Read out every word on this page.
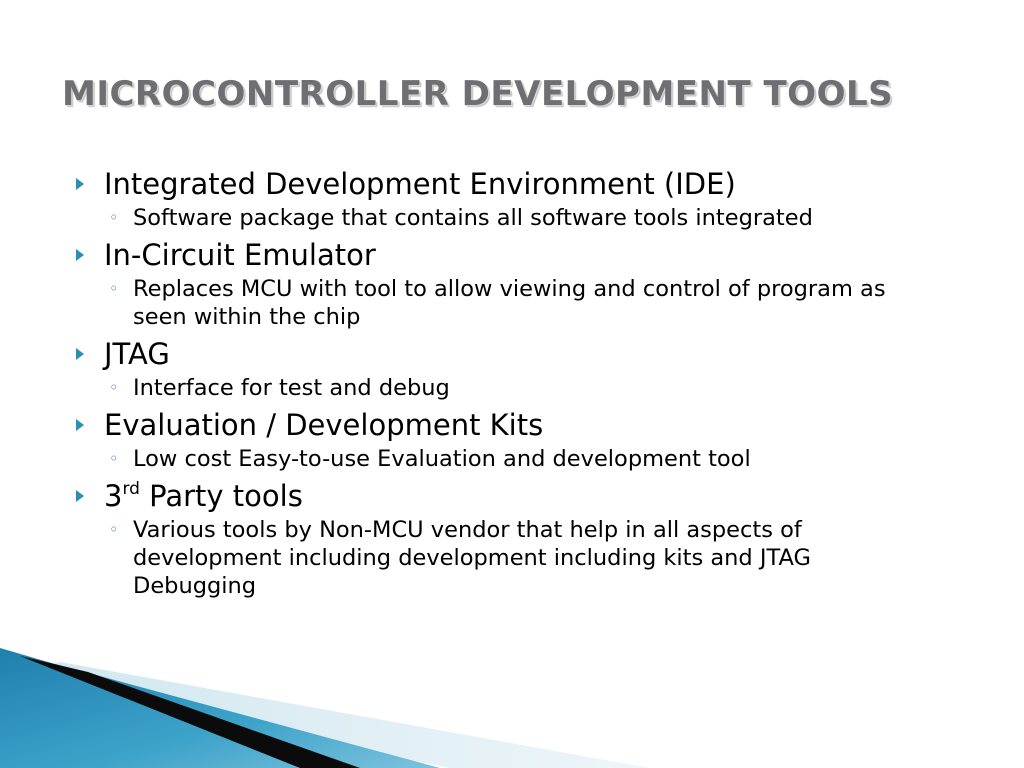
MICROCONTROLLER DEVELOPMENT TOOLS
Integrated Development Environment (IDE)
◦ Software package that contains all software tools integrated
In-Circuit Emulator
◦ Replaces MCU with tool to allow viewing and control of program as seen within the chip
JTAG
◦ Interface for test and debug
Evaluation / Development Kits
◦ Low cost Easy-to-use Evaluation and development tool
3rd Party tools
◦ Various tools by Non-MCU vendor that help in all aspects of development including development including kits and JTAG Debugging
